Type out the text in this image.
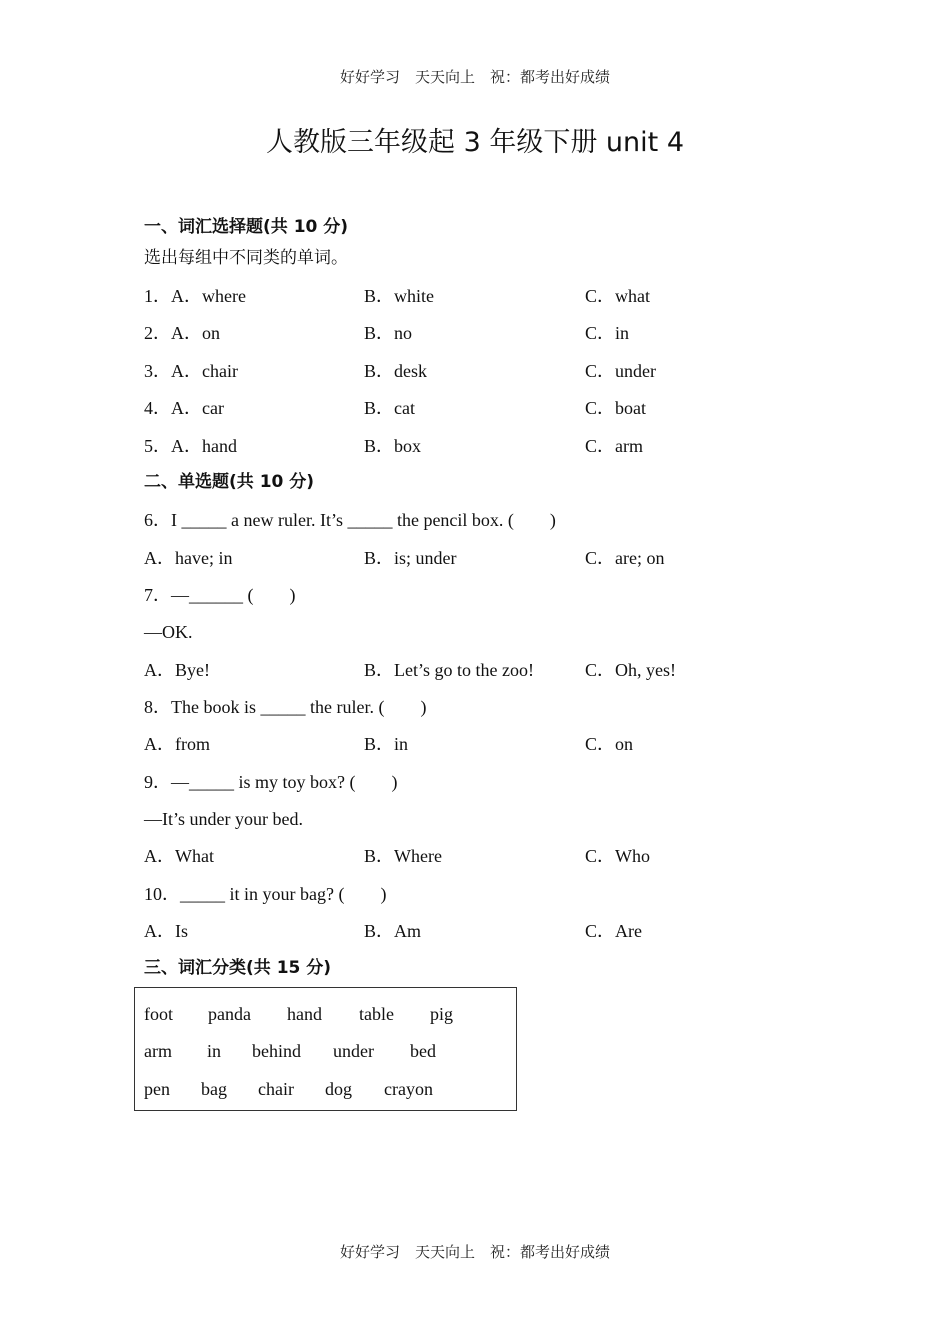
好好学习　天天向上　祝：都考出好成绩
人教版三年级起 3 年级下册 unit 4
一、词汇选择题(共 10 分)
选出每组中不同类的单词。
1．A．where	B．white	C．what
2．A．on	B．no	C．in
3．A．chair	B．desk	C．under
4．A．car	B．cat	C．boat
5．A．hand	B．box	C．arm
二、单选题(共 10 分)
6．I _____ a new ruler. It’s _____ the pencil box. (　　)
A．have; in	B．is; under	C．are; on
7．—______ (　　)
—OK.
A．Bye!	B．Let’s go to the zoo!	C．Oh, yes!
8．The book is _____ the ruler. (　　)
A．from	B．in	C．on
9．—_____ is my toy box? (　　)
—It’s under your bed.
A．What	B．Where	C．Who
10．_____ it in your bag? (　　)
A．Is	B．Am	C．Are
三、词汇分类(共 15 分)
foot panda hand table pig
arm in behind under bed
pen bag chair dog crayon
好好学习　天天向上　祝：都考出好成绩
